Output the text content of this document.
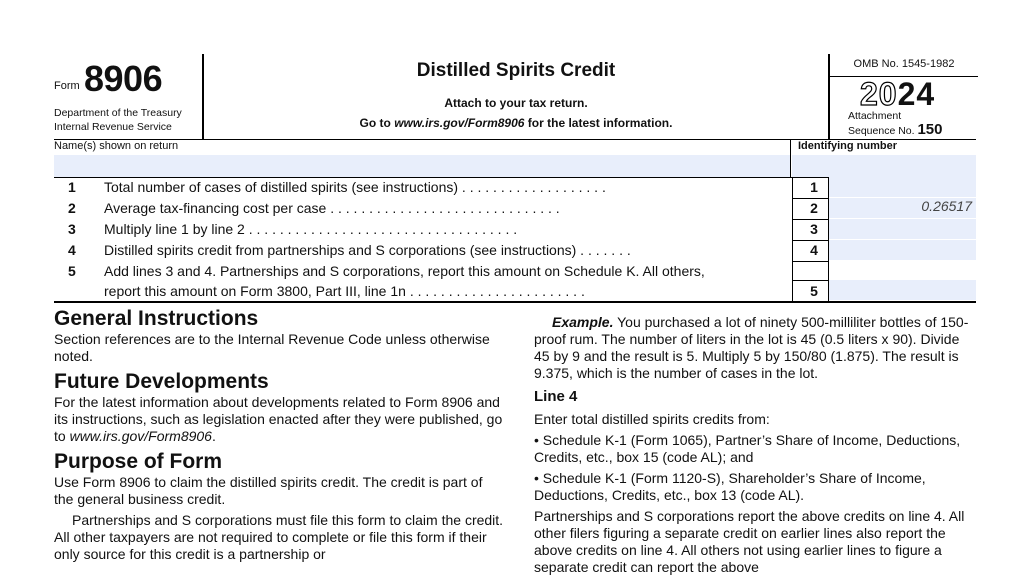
Form 8906
Department of the Treasury
Internal Revenue Service
Distilled Spirits Credit
Attach to your tax return.
Go to www.irs.gov/Form8906 for the latest information.
OMB No. 1545-1982
2024
Attachment
Sequence No. 150
Name(s) shown on return	Identifying number
1 Total number of cases of distilled spirits (see instructions) . . . . . . . . . . . . . . . . . . .	1
2 Average tax-financing cost per case . . . . . . . . . . . . . . . . . . . . . . . . . . . . . .	2	0.26517
3 Multiply line 1 by line 2 . . . . . . . . . . . . . . . . . . . . . . . . . . . . . . . . . . .	3
4 Distilled spirits credit from partnerships and S corporations (see instructions) . . . . . . .	4
5 Add lines 3 and 4. Partnerships and S corporations, report this amount on Schedule K. All others,
report this amount on Form 3800, Part III, line 1n . . . . . . . . . . . . . . . . . . . . . . .	5
General Instructions

Section references are to the Internal Revenue Code unless otherwise noted.

Future Developments

For the latest information about developments related to Form 8906 and its instructions, such as legislation enacted after they were published, go to www.irs.gov/Form8906.

Purpose of Form

Use Form 8906 to claim the distilled spirits credit. The credit is part of the general business credit.

Partnerships and S corporations must file this form to claim the credit. All other taxpayers are not required to complete or file this form if their only source for this credit is a partnership or

Example. You purchased a lot of ninety 500-milliliter bottles of 150-proof rum. The number of liters in the lot is 45 (0.5 liters x 90). Divide 45 by 9 and the result is 5. Multiply 5 by 150/80 (1.875). The result is 9.375, which is the number of cases in the lot.

Line 4

Enter total distilled spirits credits from:

• Schedule K-1 (Form 1065), Partner’s Share of Income, Deductions, Credits, etc., box 15 (code AL); and

• Schedule K-1 (Form 1120-S), Shareholder’s Share of Income, Deductions, Credits, etc., box 13 (code AL).

Partnerships and S corporations report the above credits on line 4. All other filers figuring a separate credit on earlier lines also report the above credits on line 4. All others not using earlier lines to figure a separate credit can report the above
